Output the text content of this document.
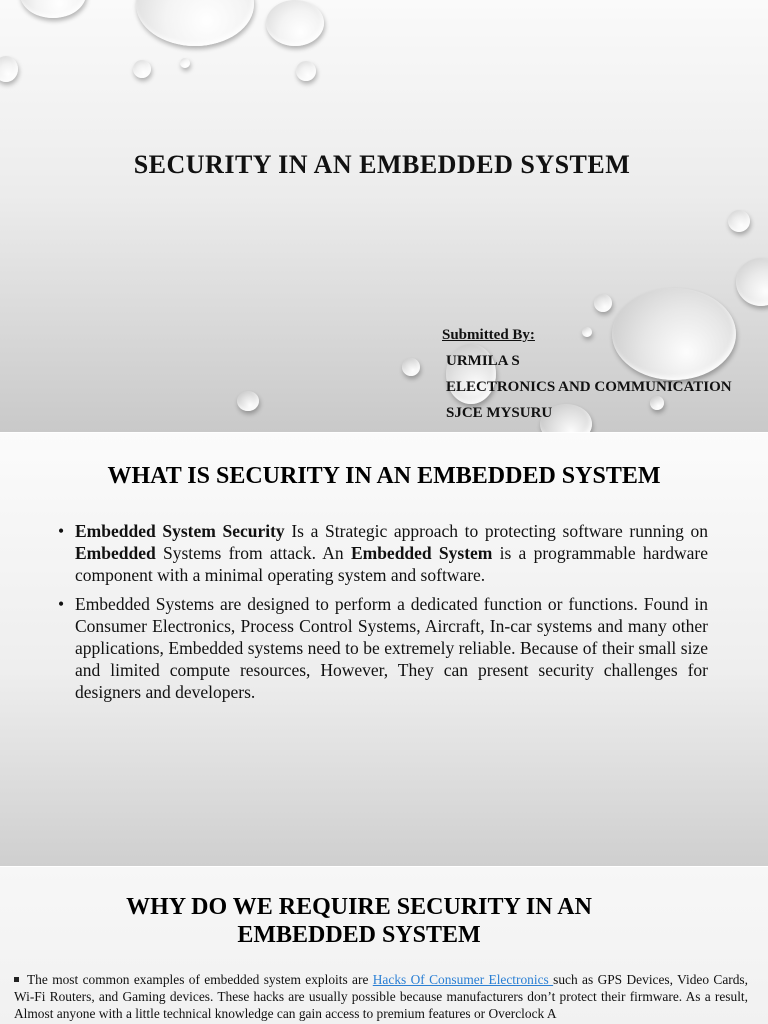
SECURITY IN AN EMBEDDED SYSTEM
Submitted By:
URMILA S
ELECTRONICS AND COMMUNICATION
SJCE MYSURU
WHAT IS SECURITY IN AN EMBEDDED SYSTEM
• Embedded System Security Is a Strategic approach to protecting software running on Embedded Systems from attack. An Embedded System is a programmable hardware component with a minimal operating system and software.
• Embedded Systems are designed to perform a dedicated function or functions. Found in Consumer Electronics, Process Control Systems, Aircraft, In-car systems and many other applications, Embedded systems need to be extremely reliable. Because of their small size and limited compute resources, However, They can present security challenges for designers and developers.
WHY DO WE REQUIRE SECURITY IN AN EMBEDDED SYSTEM
The most common examples of embedded system exploits are Hacks Of Consumer Electronics such as GPS Devices, Video Cards, Wi-Fi Routers, and Gaming devices. These hacks are usually possible because manufacturers don’t protect their firmware. As a result, Almost anyone with a little technical knowledge can gain access to premium features or Overclock A
